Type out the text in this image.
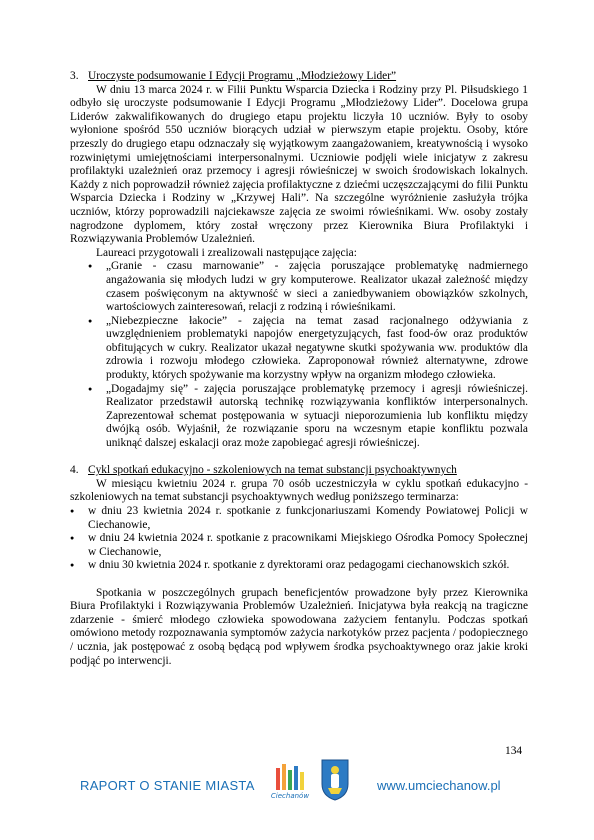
3. Uroczyste podsumowanie I Edycji Programu „Młodzieżowy Lider”

W dniu 13 marca 2024 r. w Filii Punktu Wsparcia Dziecka i Rodziny przy Pl. Piłsudskiego 1 odbyło się uroczyste podsumowanie I Edycji Programu „Młodzieżowy Lider”. Docelowa grupa Liderów zakwalifikowanych do drugiego etapu projektu liczyła 10 uczniów. Były to osoby wyłonione spośród 550 uczniów biorących udział w pierwszym etapie projektu. Osoby, które przeszly do drugiego etapu odznaczały się wyjątkowym zaangażowaniem, kreatywnością i wysoko rozwiniętymi umiejętnościami interpersonalnymi. Uczniowie podjęli wiele inicjatyw z zakresu profilaktyki uzależnień oraz przemocy i agresji rówieśniczej w swoich środowiskach lokalnych. Każdy z nich poprowadził również zajęcia profilaktyczne z dziećmi uczęszczającymi do filii Punktu Wsparcia Dziecka i Rodziny w „Krzywej Hali”. Na szczególne wyróżnienie zasłużyła trójka uczniów, którzy poprowadzili najciekawsze zajęcia ze swoimi rówieśnikami. Ww. osoby zostały nagrodzone dyplomem, który został wręczony przez Kierownika Biura Profilaktyki i Rozwiązywania Problemów Uzależnień.

Laureaci przygotowali i zrealizowali następujące zajęcia:

● „Granie - czasu marnowanie” - zajęcia poruszające problematykę nadmiernego angażowania się młodych ludzi w gry komputerowe. Realizator ukazał zależność między czasem poświęconym na aktywność w sieci a zaniedbywaniem obowiązków szkolnych, wartościowych zainteresowań, relacji z rodziną i rówieśnikami.
● „Niebezpieczne łakocie” - zajęcia na temat zasad racjonalnego odżywiania z uwzględnieniem problematyki napojów energetyzujących, fast food-ów oraz produktów obfitujących w cukry. Realizator ukazał negatywne skutki spożywania ww. produktów dla zdrowia i rozwoju młodego człowieka. Zaproponował również alternatywne, zdrowe produkty, których spożywanie ma korzystny wpływ na organizm młodego człowieka.
● „Dogadajmy się” - zajęcia poruszające problematykę przemocy i agresji rówieśniczej. Realizator przedstawił autorską technikę rozwiązywania konfliktów interpersonalnych. Zaprezentował schemat postępowania w sytuacji nieporozumienia lub konfliktu między dwójką osób. Wyjaśnił, że rozwiązanie sporu na wczesnym etapie konfliktu pozwala uniknąć dalszej eskalacji oraz może zapobiegać agresji rówieśniczej.
4. Cykl spotkań edukacyjno - szkoleniowych na temat substancji psychoaktywnych

W miesiącu kwietniu 2024 r. grupa 70 osób uczestniczyła w cyklu spotkań edukacyjno - szkoleniowych na temat substancji psychoaktywnych według poniższego terminarza:

● w dniu 23 kwietnia 2024 r. spotkanie z funkcjonariuszami Komendy Powiatowej Policji w Ciechanowie,
● w dniu 24 kwietnia 2024 r. spotkanie z pracownikami Miejskiego Ośrodka Pomocy Społecznej w Ciechanowie,
● w dniu 30 kwietnia 2024 r. spotkanie z dyrektorami oraz pedagogami ciechanowskich szkół.

Spotkania w poszczególnych grupach beneficjentów prowadzone były przez Kierownika Biura Profilaktyki i Rozwiązywania Problemów Uzależnień. Inicjatywa była reakcją na tragiczne zdarzenie - śmierć młodego człowieka spowodowana zażyciem fentanylu. Podczas spotkań omówiono metody rozpoznawania symptomów zażycia narkotyków przez pacjenta / podopiecznego / ucznia, jak postępować z osobą będącą pod wpływem środka psychoaktywnego oraz jakie kroki podjąć po interwencji.

134
RAPORT O STANIE MIASTA
Ciechanów
www.umciechanow.pl
